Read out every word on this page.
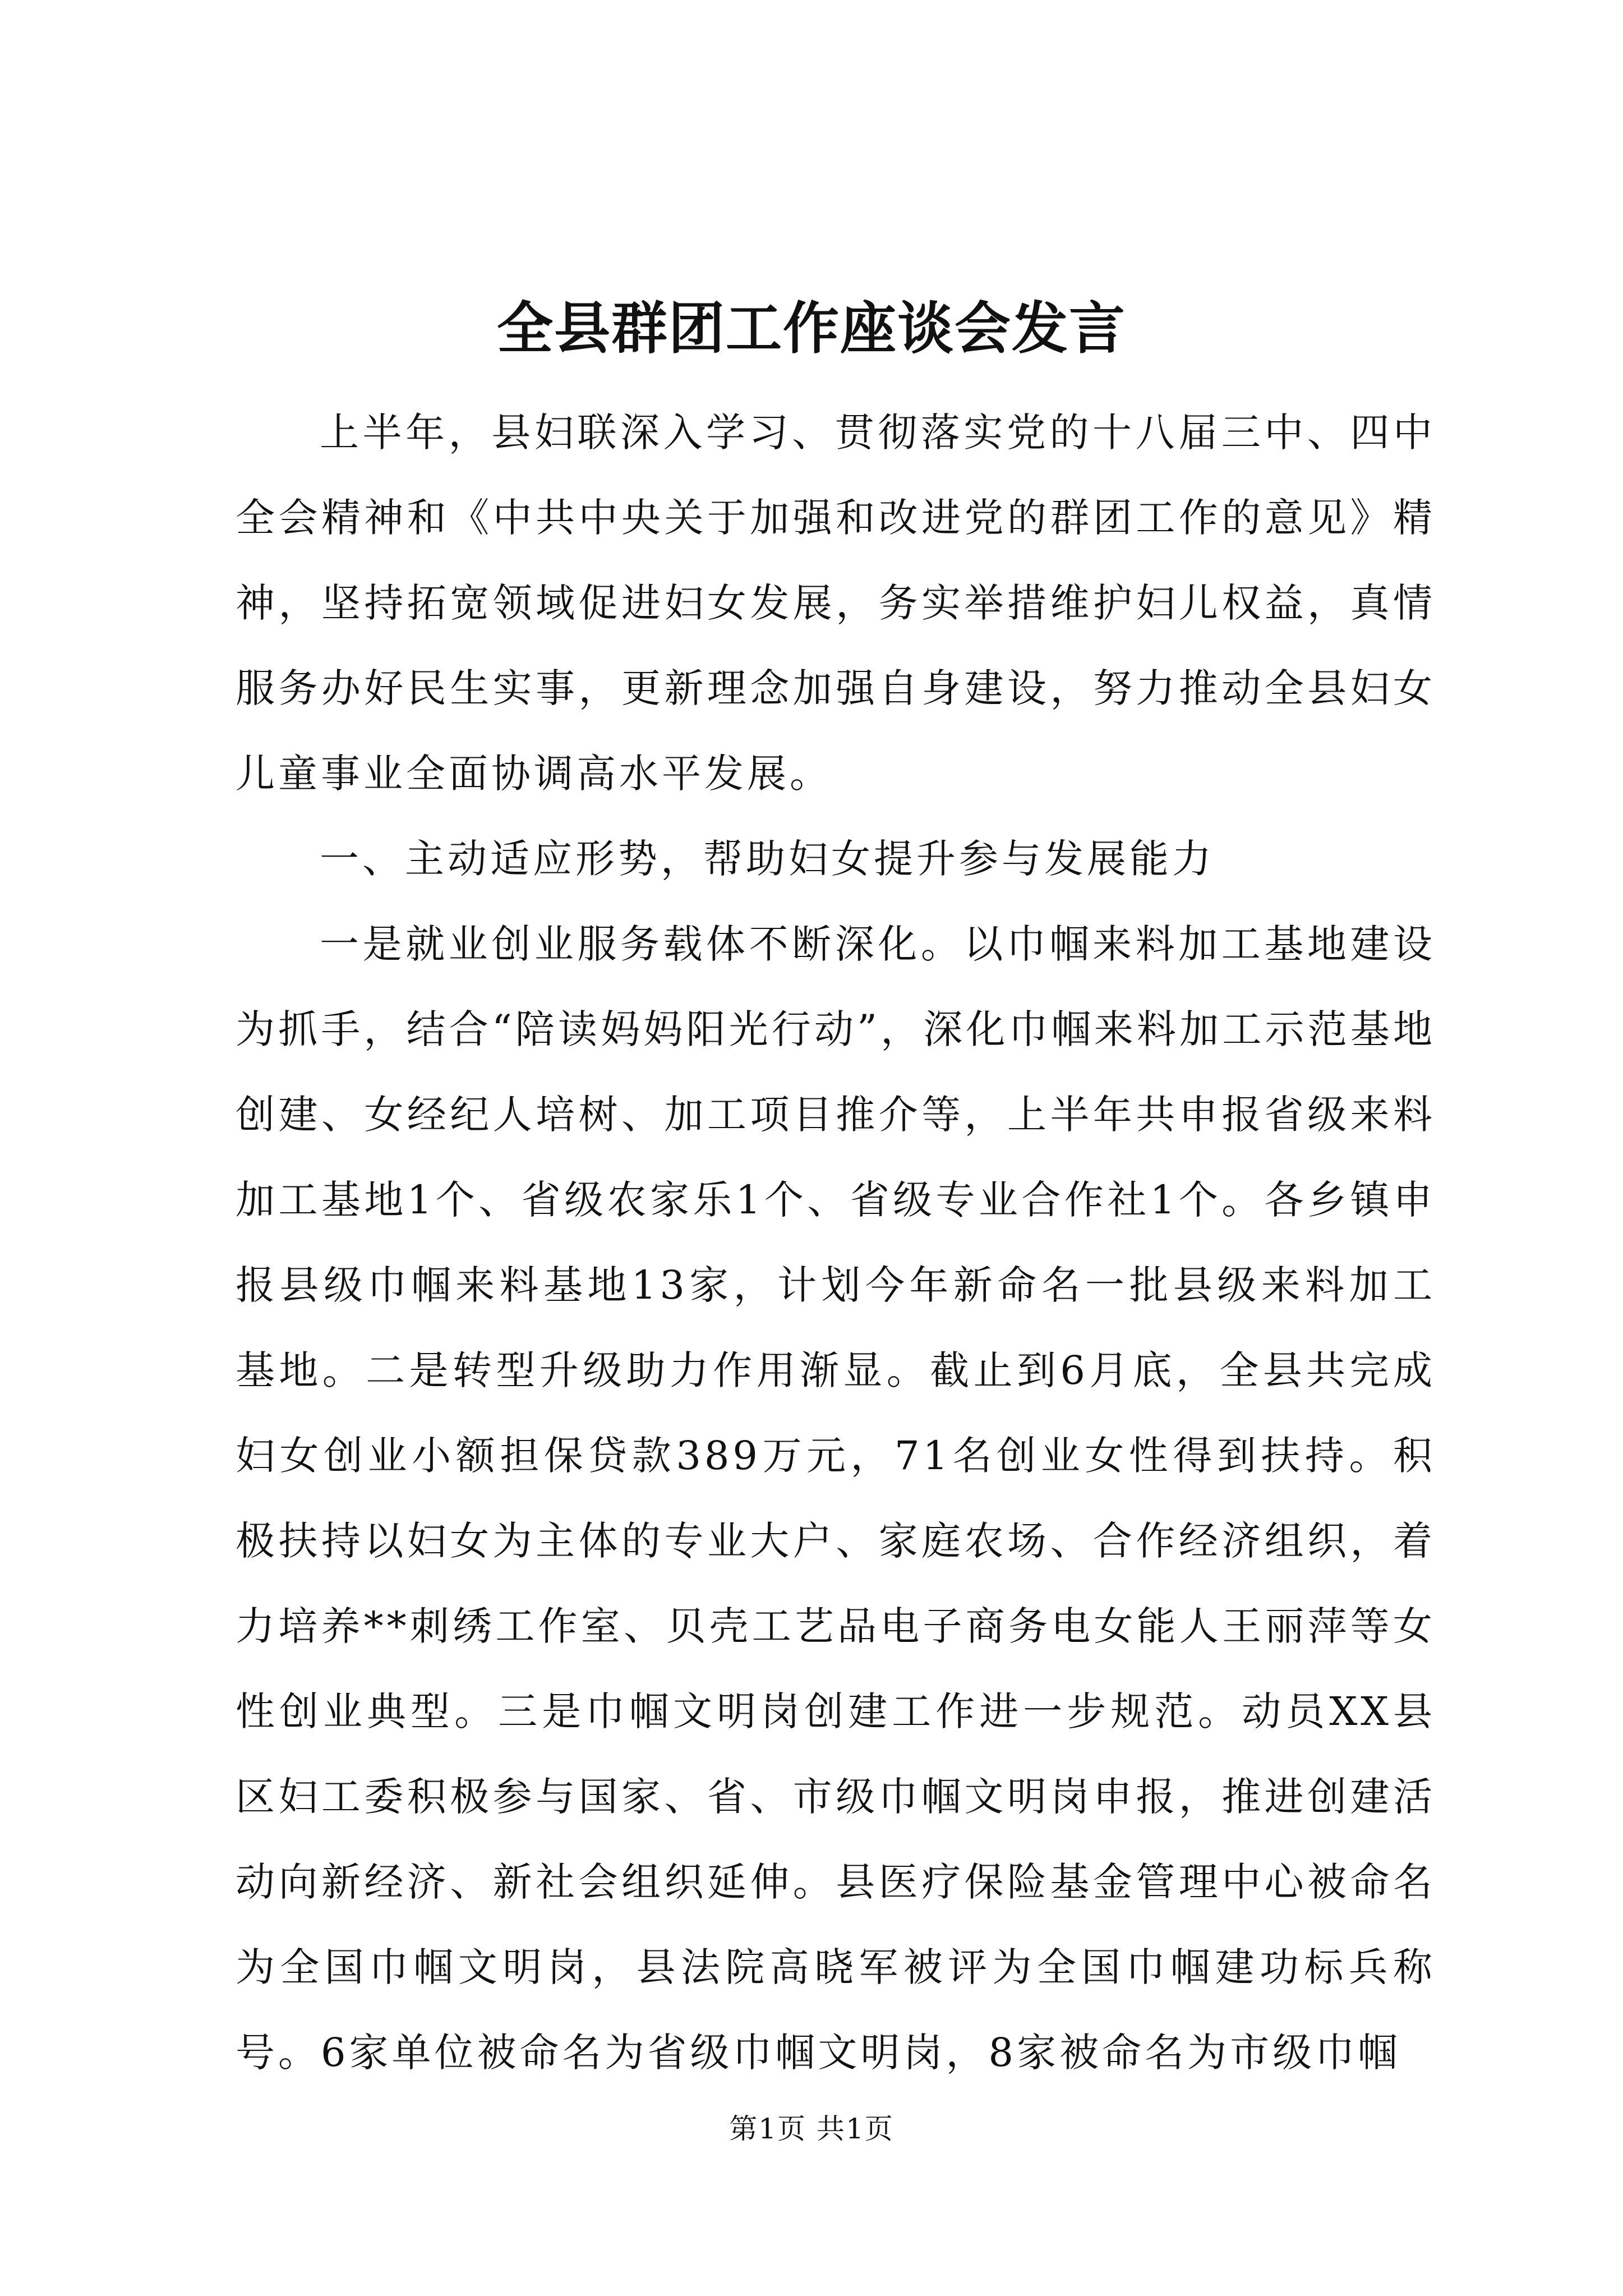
全县群团工作座谈会发言

上半年，县妇联深入学习、贯彻落实党的十八届三中、四中全会精神和《中共中央关于加强和改进党的群团工作的意见》精神，坚持拓宽领域促进妇女发展，务实举措维护妇儿权益，真情服务办好民生实事，更新理念加强自身建设，努力推动全县妇女儿童事业全面协调高水平发展。

一、主动适应形势，帮助妇女提升参与发展能力

一是就业创业服务载体不断深化。以巾帼来料加工基地建设为抓手，结合“陪读妈妈阳光行动”，深化巾帼来料加工示范基地创建、女经纪人培树、加工项目推介等，上半年共申报省级来料加工基地1个、省级农家乐1个、省级专业合作社1个。各乡镇申报县级巾帼来料基地13家，计划今年新命名一批县级来料加工基地。二是转型升级助力作用渐显。截止到6月底，全县共完成妇女创业小额担保贷款389万元，71名创业女性得到扶持。积极扶持以妇女为主体的专业大户、家庭农场、合作经济组织，着力培养**刺绣工作室、贝壳工艺品电子商务电女能人王丽萍等女性创业典型。三是巾帼文明岗创建工作进一步规范。动员XX县区妇工委积极参与国家、省、市级巾帼文明岗申报，推进创建活动向新经济、新社会组织延伸。县医疗保险基金管理中心被命名为全国巾帼文明岗，县法院高晓军被评为全国巾帼建功标兵称号。6家单位被命名为省级巾帼文明岗，8家被命名为市级巾帼

第1页 共1页
